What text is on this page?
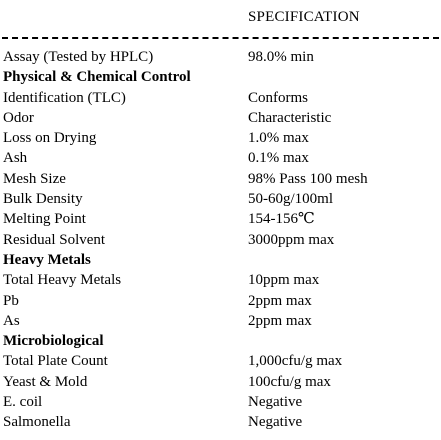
SPECIFICATION
Assay (Tested by HPLC)	98.0% min
Physical & Chemical Control
Identification (TLC)	Conforms
Odor	Characteristic
Loss on Drying	1.0% max
Ash	0.1% max
Mesh Size	98% Pass 100 mesh
Bulk Density	50-60g/100ml
Melting Point	154-156℃
Residual Solvent	3000ppm max
Heavy Metals
Total Heavy Metals	10ppm max
Pb	2ppm max
As	2ppm max
Microbiological
Total Plate Count	1,000cfu/g max
Yeast & Mold	100cfu/g max
E. coil	Negative
Salmonella	Negative
